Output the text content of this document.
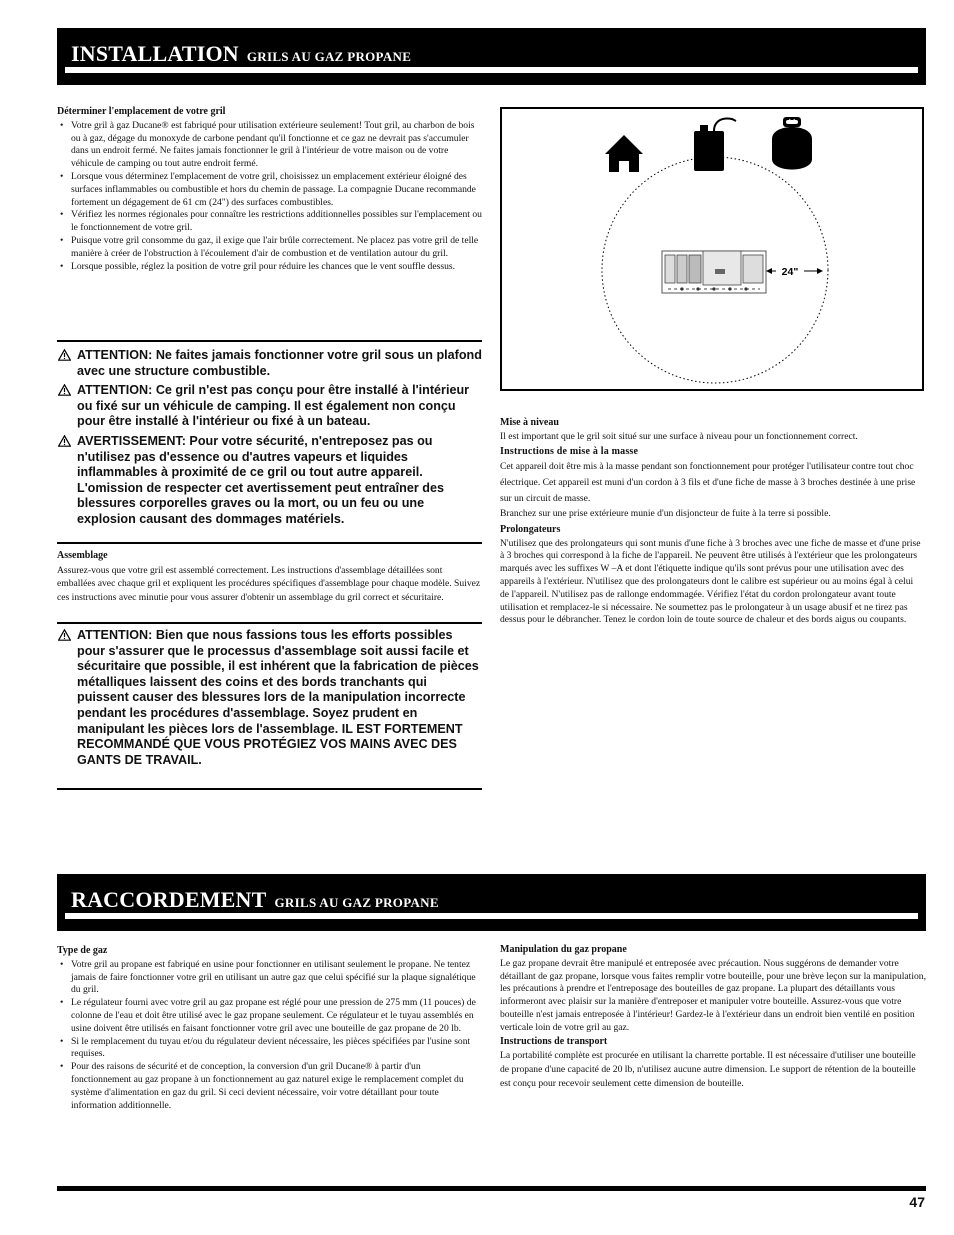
INSTALLATION GRILS AU GAZ PROPANE
Déterminer l'emplacement de votre gril
• Votre gril à gaz Ducane® est fabriqué pour utilisation extérieure seulement! Tout gril, au charbon de bois ou à gaz, dégage du monoxyde de carbone pendant qu'il fonctionne et ce gaz ne devrait pas s'accumuler dans un endroit fermé. Ne faites jamais fonctionner le gril à l'intérieur de votre maison ou de votre véhicule de camping ou tout autre endroit fermé.
• Lorsque vous déterminez l'emplacement de votre gril, choisissez un emplacement extérieur éloigné des surfaces inflammables ou combustible et hors du chemin de passage. La compagnie Ducane recommande fortement un dégagement de 61 cm (24") des surfaces combustibles.
• Vérifiez les normes régionales pour connaître les restrictions additionnelles possibles sur l'emplacement ou le fonctionnement de votre gril.
• Puisque votre gril consomme du gaz, il exige que l'air brûle correctement. Ne placez pas votre gril de telle manière à créer de l'obstruction à l'écoulement d'air de combustion et de ventilation autour du gril.
• Lorsque possible, réglez la position de votre gril pour réduire les chances que le vent souffle dessus.
ATTENTION: Ne faites jamais fonctionner votre gril sous un plafond avec une structure combustible.
ATTENTION: Ce gril n'est pas conçu pour être installé à l'intérieur ou fixé sur un véhicule de camping. Il est également non conçu pour être installé à l'intérieur ou fixé à un bateau.
AVERTISSEMENT: Pour votre sécurité, n'entreposez pas ou n'utilisez pas d'essence ou d'autres vapeurs et liquides inflammables à proximité de ce gril ou tout autre appareil. L'omission de respecter cet avertissement peut entraîner des blessures corporelles graves ou la mort, ou un feu ou une explosion causant des dommages matériels.
Assemblage

Assurez-vous que votre gril est assemblé correctement. Les instructions d'assemblage détaillées sont emballées avec chaque gril et expliquent les procédures spécifiques d'assemblage pour chaque modèle. Suivez ces instructions avec minutie pour vous assurer d'obtenir un assemblage du gril correct et sécuritaire.

ATTENTION: Bien que nous fassions tous les efforts possibles pour s'assurer que le processus d'assemblage soit aussi facile et sécuritaire que possible, il est inhérent que la fabrication de pièces métalliques laissent des coins et des bords tranchants qui puissent causer des blessures lors de la manipulation incorrecte pendant les procédures d'assemblage. Soyez prudent en manipulant les pièces lors de l'assemblage. IL EST FORTEMENT RECOMMANDÉ QUE VOUS PROTÉGIEZ VOS MAINS AVEC DES GANTS DE TRAVAIL.
24"
Mise à niveau

Il est important que le gril soit situé sur une surface à niveau pour un fonctionnement correct.

Instructions de mise à la masse

Cet appareil doit être mis à la masse pendant son fonctionnement pour protéger l'utilisateur contre tout choc électrique. Cet appareil est muni d'un cordon à 3 fils et d'une fiche de masse à 3 broches destinée à une prise sur un circuit de masse.

Branchez sur une prise extérieure munie d'un disjoncteur de fuite à la terre si possible.

Prolongateurs

N'utilisez que des prolongateurs qui sont munis d'une fiche à 3 broches avec une fiche de masse et d'une prise à 3 broches qui correspond à la fiche de l'appareil. Ne peuvent être utilisés à l'extérieur que les prolongateurs marqués avec les suffixes W –A et dont l'étiquette indique qu'ils sont prévus pour une utilisation avec des appareils à l'extérieur. N'utilisez que des prolongateurs dont le calibre est supérieur ou au moins égal à celui de l'appareil. N'utilisez pas de rallonge endommagée. Vérifiez l'état du cordon prolongateur avant toute utilisation et remplacez-le si nécessaire. Ne soumettez pas le prolongateur à un usage abusif et ne tirez pas dessus pour le débrancher. Tenez le cordon loin de toute source de chaleur et des bords aigus ou coupants.

RACCORDEMENT GRILS AU GAZ PROPANE
Type de gaz
• Votre gril au propane est fabriqué en usine pour fonctionner en utilisant seulement le propane. Ne tentez jamais de faire fonctionner votre gril en utilisant un autre gaz que celui spécifié sur la plaque signalétique du gril.
• Le régulateur fourni avec votre gril au gaz propane est réglé pour une pression de 275 mm (11 pouces) de colonne de l'eau et doit être utilisé avec le gaz propane seulement. Ce régulateur et le tuyau assemblés en usine doivent être utilisés en faisant fonctionner votre gril avec une bouteille de gaz propane de 20 lb.
• Si le remplacement du tuyau et/ou du régulateur devient nécessaire, les pièces spécifiées par l'usine sont requises.
• Pour des raisons de sécurité et de conception, la conversion d'un gril Ducane® à partir d'un fonctionnement au gaz propane à un fonctionnement au gaz naturel exige le remplacement complet du système d'alimentation en gaz du gril. Si ceci devient nécessaire, voir votre détaillant pour toute information additionnelle.
Manipulation du gaz propane

Le gaz propane devrait être manipulé et entreposée avec précaution. Nous suggérons de demander votre détaillant de gaz propane, lorsque vous faites remplir votre bouteille, pour une brève leçon sur la manipulation, les précautions à prendre et l'entreposage des bouteilles de gaz propane. La plupart des détaillants vous informeront avec plaisir sur la manière d'entreposer et manipuler votre bouteille. Assurez-vous que votre bouteille n'est jamais entreposée à l'intérieur! Gardez-le à l'extérieur dans un endroit bien ventilé en position verticale loin de votre gril au gaz.

Instructions de transport

La portabilité complète est procurée en utilisant la charrette portable. Il est nécessaire d'utiliser une bouteille de propane d'une capacité de 20 lb, n'utilisez aucune autre dimension. Le support de rétention de la bouteille est conçu pour recevoir seulement cette dimension de bouteille.

47
